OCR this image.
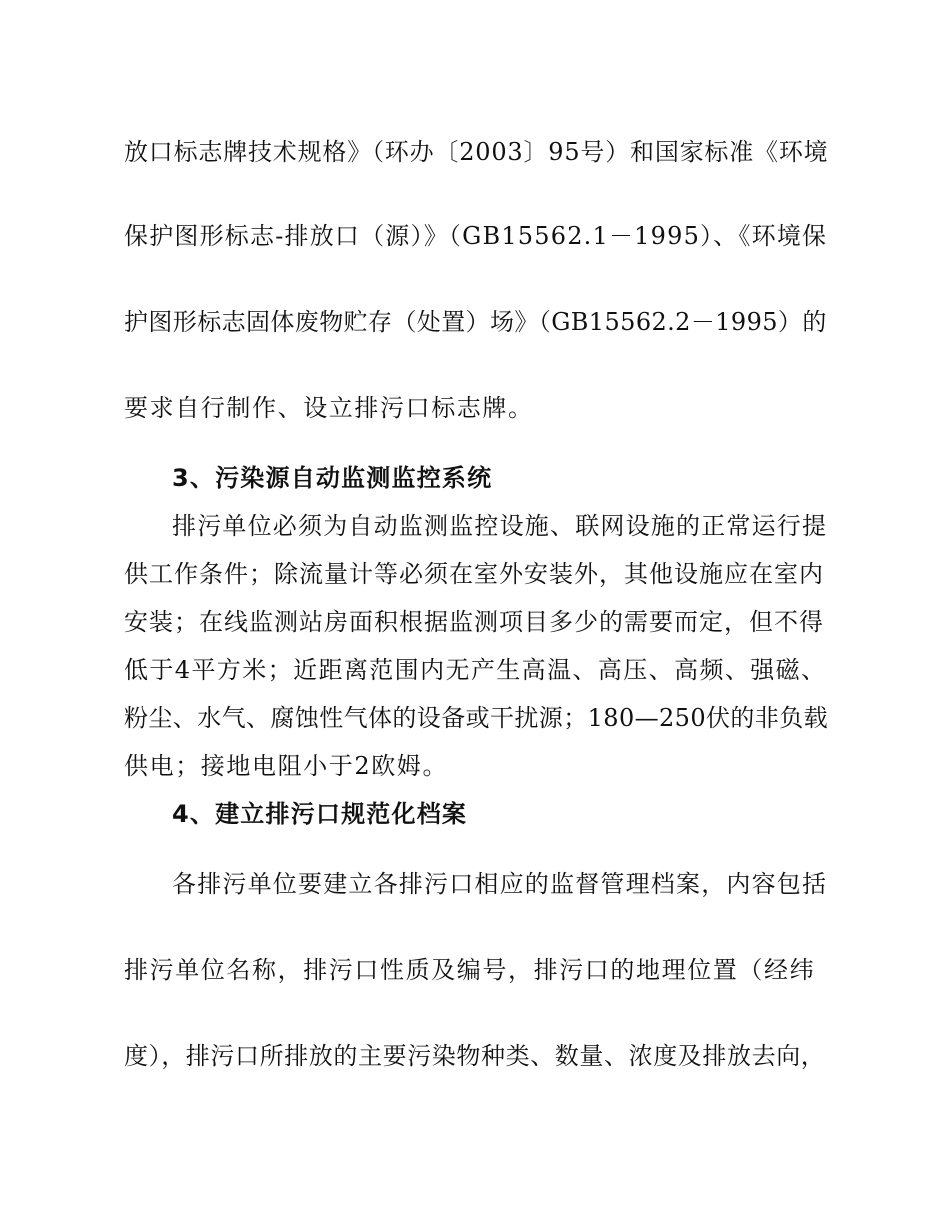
放口标志牌技术规格》（环办〔2003〕95号）和国家标准《环境
保护图形标志-排放口（源）》（GB15562.1－1995）、《环境保
护图形标志固体废物贮存（处置）场》（GB15562.2－1995）的
要求自行制作、设立排污口标志牌。
3、污染源自动监测监控系统
排污单位必须为自动监测监控设施、联网设施的正常运行提
供工作条件；除流量计等必须在室外安装外，其他设施应在室内
安装；在线监测站房面积根据监测项目多少的需要而定，但不得
低于4平方米；近距离范围内无产生高温、高压、高频、强磁、
粉尘、水气、腐蚀性气体的设备或干扰源；180—250伏的非负载
供电；接地电阻小于2欧姆。
4、建立排污口规范化档案
各排污单位要建立各排污口相应的监督管理档案，内容包括
排污单位名称，排污口性质及编号，排污口的地理位置（经纬
度），排污口所排放的主要污染物种类、数量、浓度及排放去向，
